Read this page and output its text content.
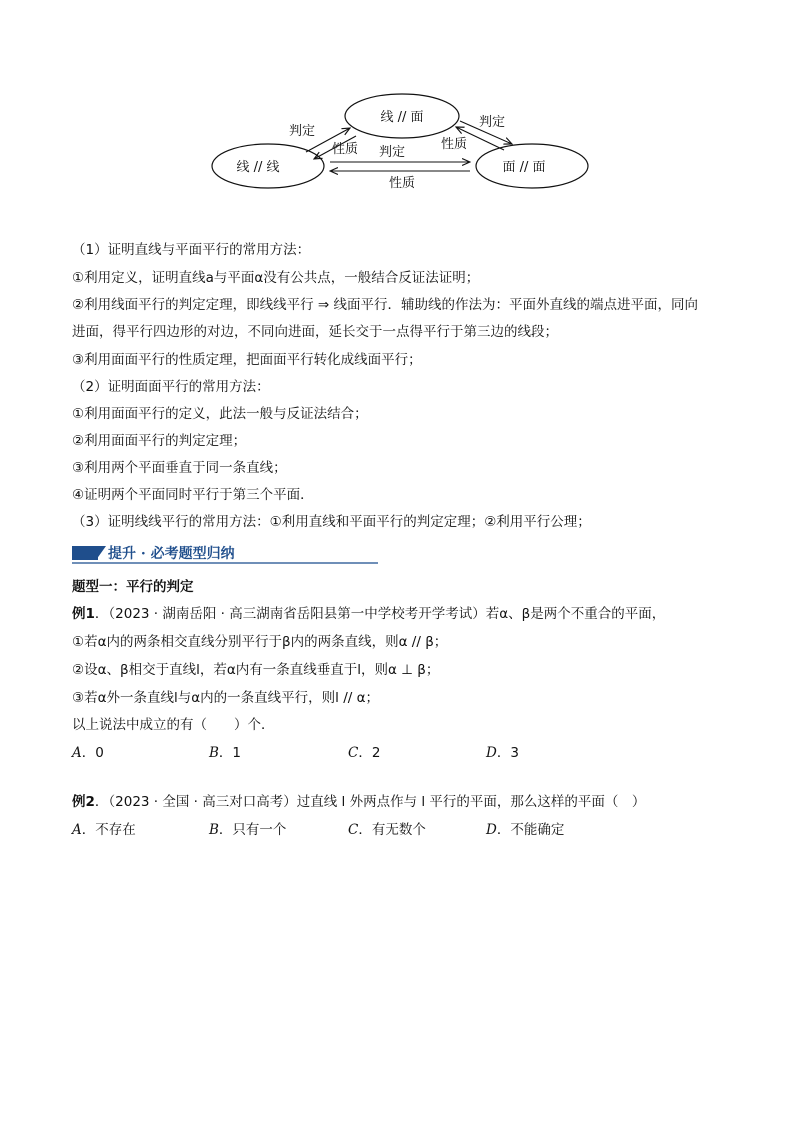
线 // 面
线 // 线	面 // 面
判定
性质
判定
性质
判定
性质
（1）证明直线与平面平行的常用方法：
①利用定义，证明直线a与平面α没有公共点，一般结合反证法证明；
②利用线面平行的判定定理，即线线平行 ⇒ 线面平行．辅助线的作法为：平面外直线的端点进平面，同向
进面，得平行四边形的对边，不同向进面，延长交于一点得平行于第三边的线段；
③利用面面平行的性质定理，把面面平行转化成线面平行；
（2）证明面面平行的常用方法：
①利用面面平行的定义，此法一般与反证法结合；
②利用面面平行的判定定理；
③利用两个平面垂直于同一条直线；
④证明两个平面同时平行于第三个平面．
（3）证明线线平行的常用方法：①利用直线和平面平行的判定定理；②利用平行公理；
提升 · 必考题型归纳
题型一：平行的判定
例1．（2023 · 湖南岳阳 · 高三湖南省岳阳县第一中学校考开学考试）若α、β是两个不重合的平面，
①若α内的两条相交直线分别平行于β内的两条直线，则α // β；
②设α、β相交于直线l，若α内有一条直线垂直于l，则α ⊥ β；
③若α外一条直线l与α内的一条直线平行，则l // α；
以上说法中成立的有（　　）个．
A．0	B．1	C．2	D．3
例2．（2023 · 全国 · 高三对口高考）过直线 l 外两点作与 l 平行的平面，那么这样的平面（　）
A．不存在	B．只有一个	C．有无数个	D．不能确定
